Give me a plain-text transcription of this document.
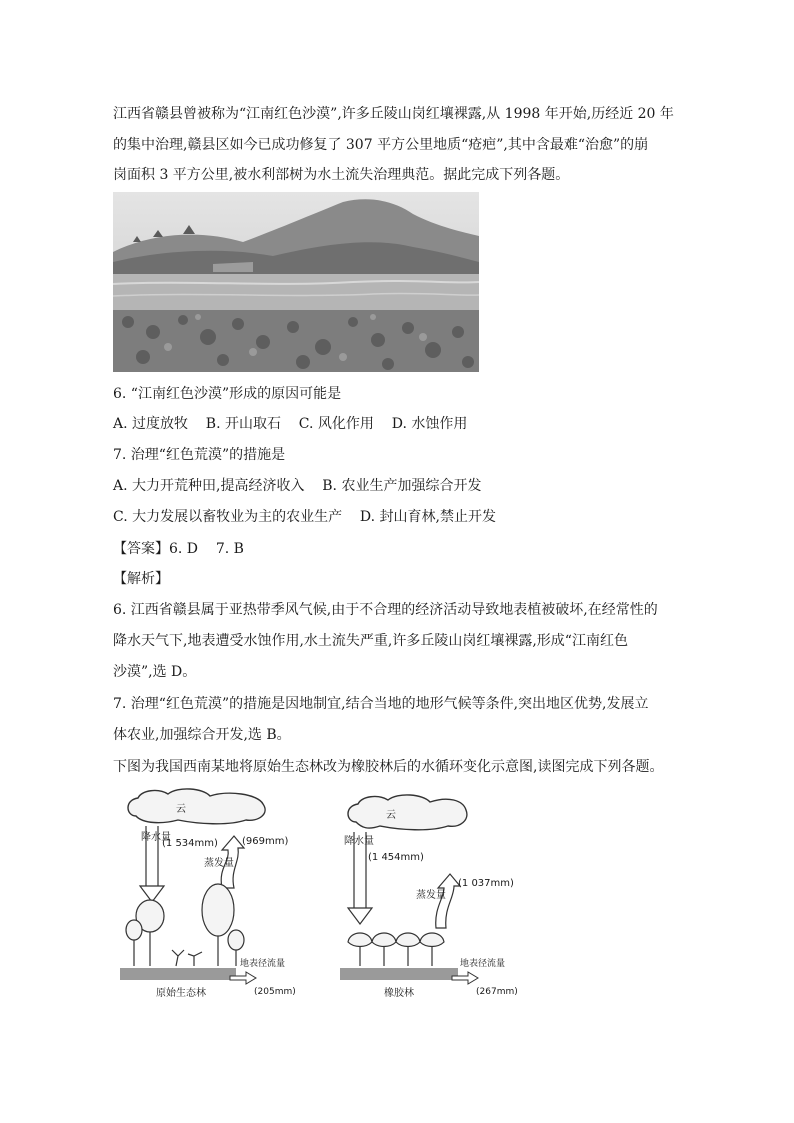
江西省赣县曾被称为“江南红色沙漠”,许多丘陵山岗红壤裸露,从 1998 年开始,历经近 20 年
的集中治理,赣县区如今已成功修复了 307 平方公里地质“疮疤”,其中含最难“治愈”的崩
岗面积 3 平方公里,被水利部树为水土流失治理典范。据此完成下列各题。
6. “江南红色沙漠”形成的原因可能是
A. 过度放牧    B. 开山取石    C. 风化作用    D. 水蚀作用
7. 治理“红色荒漠”的措施是
A. 大力开荒种田,提高经济收入    B. 农业生产加强综合开发
C. 大力发展以畜牧业为主的农业生产    D. 封山育林,禁止开发
【答案】6. D    7. B
【解析】
6. 江西省赣县属于亚热带季风气候,由于不合理的经济活动导致地表植被破坏,在经常性的
降水天气下,地表遭受水蚀作用,水土流失严重,许多丘陵山岗红壤裸露,形成“江南红色
沙漠”,选 D。
7. 治理“红色荒漠”的措施是因地制宜,结合当地的地形气候等条件,突出地区优势,发展立
体农业,加强综合开发,选 B。
下图为我国西南某地将原始生态林改为橡胶林后的水循环变化示意图,读图完成下列各题。
云
降水量
(1 534mm)
蒸发量
(969mm)
地表径流量
(205mm)
原始生态林
云
降水量
(1 454mm)
蒸发量
(1 037mm)
地表径流量
(267mm)
橡胶林
